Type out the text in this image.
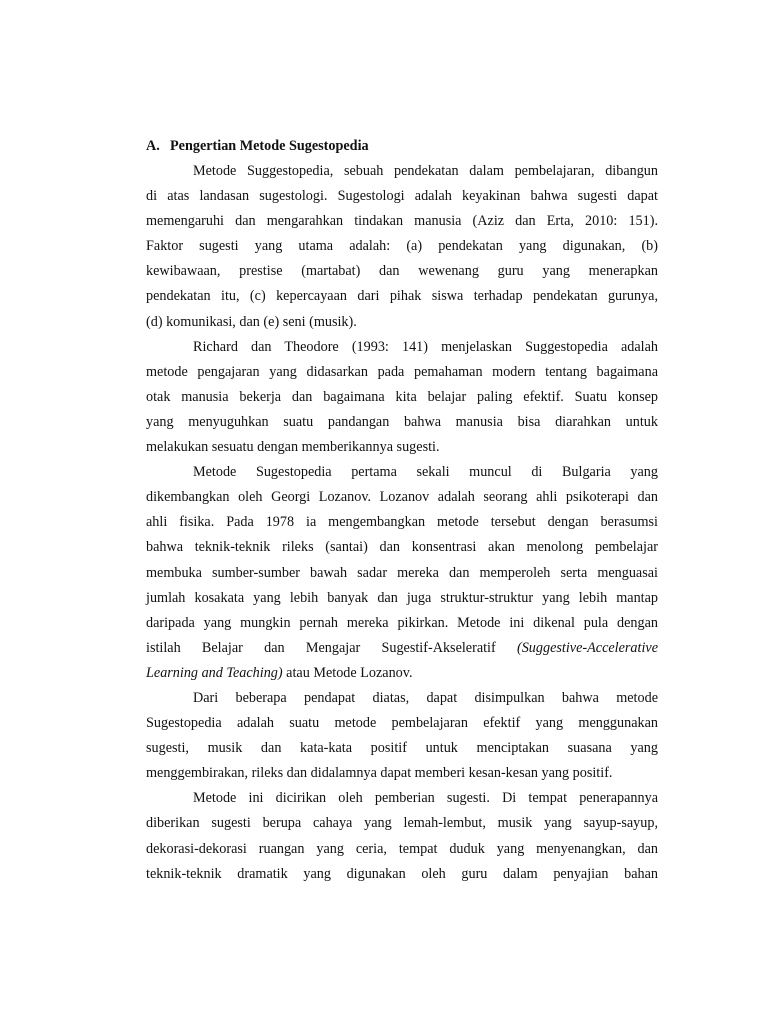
A. Pengertian Metode Sugestopedia
Metode Suggestopedia, sebuah pendekatan dalam pembelajaran, dibangun
di atas landasan sugestologi. Sugestologi adalah keyakinan bahwa sugesti dapat
memengaruhi dan mengarahkan tindakan manusia (Aziz dan Erta, 2010: 151).
Faktor sugesti yang utama adalah: (a) pendekatan yang digunakan, (b)
kewibawaan, prestise (martabat) dan wewenang guru yang menerapkan
pendekatan itu, (c) kepercayaan dari pihak siswa terhadap pendekatan gurunya,
(d) komunikasi, dan (e) seni (musik).
Richard dan Theodore (1993: 141) menjelaskan Suggestopedia adalah
metode pengajaran yang didasarkan pada pemahaman modern tentang bagaimana
otak manusia bekerja dan bagaimana kita belajar paling efektif. Suatu konsep
yang menyuguhkan suatu pandangan bahwa manusia bisa diarahkan untuk
melakukan sesuatu dengan memberikannya sugesti.
Metode Sugestopedia pertama sekali muncul di Bulgaria yang
dikembangkan oleh Georgi Lozanov. Lozanov adalah seorang ahli psikoterapi dan
ahli fisika. Pada 1978 ia mengembangkan metode tersebut dengan berasumsi
bahwa teknik-teknik rileks (santai) dan konsentrasi akan menolong pembelajar
membuka sumber-sumber bawah sadar mereka dan memperoleh serta menguasai
jumlah kosakata yang lebih banyak dan juga struktur-struktur yang lebih mantap
daripada yang mungkin pernah mereka pikirkan. Metode ini dikenal pula dengan
istilah Belajar dan Mengajar Sugestif-Akseleratif (Suggestive-Accelerative
Learning and Teaching) atau Metode Lozanov.
Dari beberapa pendapat diatas, dapat disimpulkan bahwa metode
Sugestopedia adalah suatu metode pembelajaran efektif yang menggunakan
sugesti, musik dan kata-kata positif untuk menciptakan suasana yang
menggembirakan, rileks dan didalamnya dapat memberi kesan-kesan yang positif.
Metode ini dicirikan oleh pemberian sugesti. Di tempat penerapannya
diberikan sugesti berupa cahaya yang lemah-lembut, musik yang sayup-sayup,
dekorasi-dekorasi ruangan yang ceria, tempat duduk yang menyenangkan, dan
teknik-teknik dramatik yang digunakan oleh guru dalam penyajian bahan
